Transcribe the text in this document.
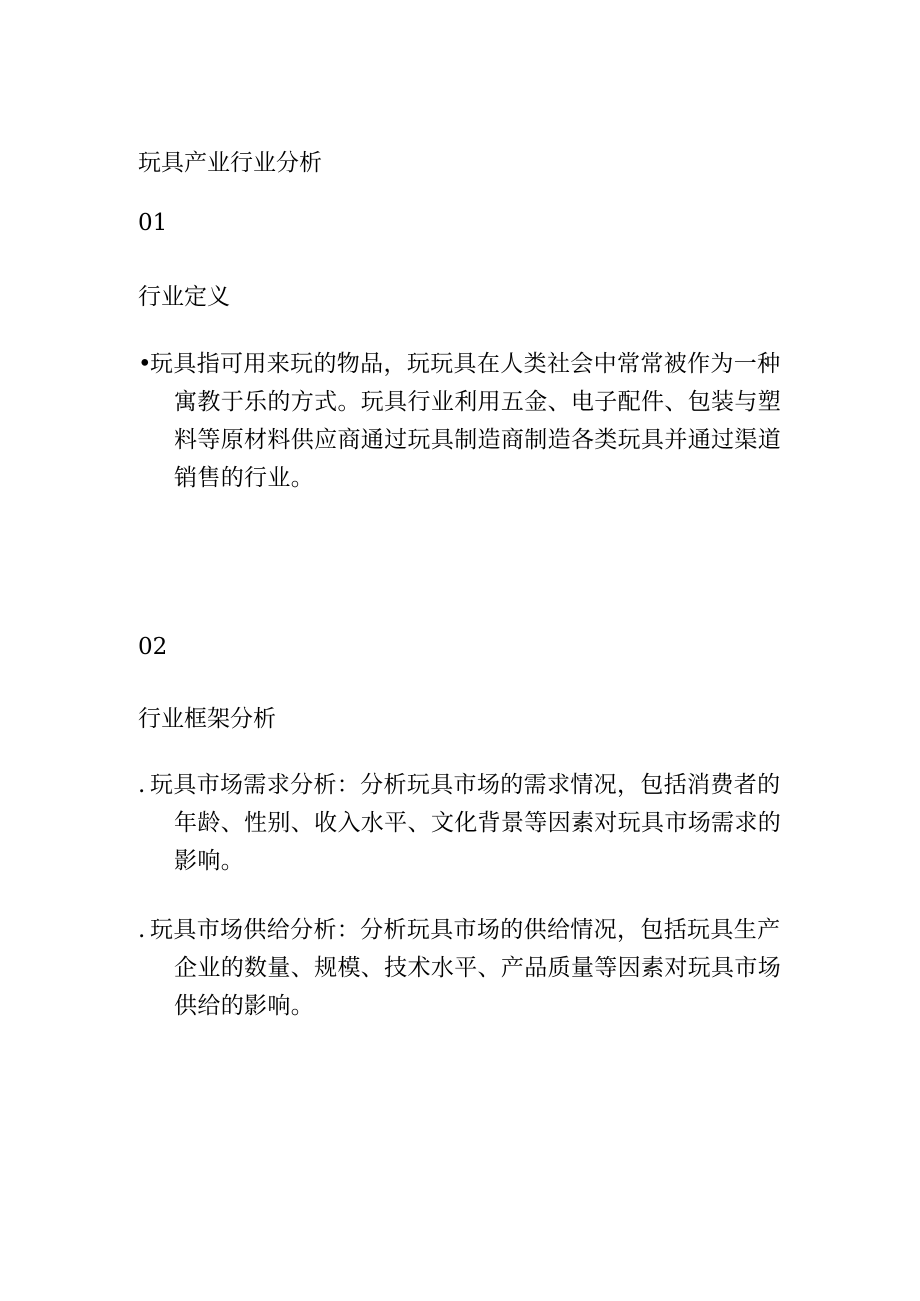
玩具产业行业分析
01
行业定义
•玩具指可用来玩的物品，玩玩具在人类社会中常常被作为一种
寓教于乐的方式。玩具行业利用五金、电子配件、包装与塑料等原材料供应商通过玩具制造商制造各类玩具并通过渠道销售的行业。
02
行业框架分析
. 玩具市场需求分析：分析玩具市场的需求情况，包括消费者的
年龄、性别、收入水平、文化背景等因素对玩具市场需求的影响。
. 玩具市场供给分析：分析玩具市场的供给情况，包括玩具生产
企业的数量、规模、技术水平、产品质量等因素对玩具市场供给的影响。
